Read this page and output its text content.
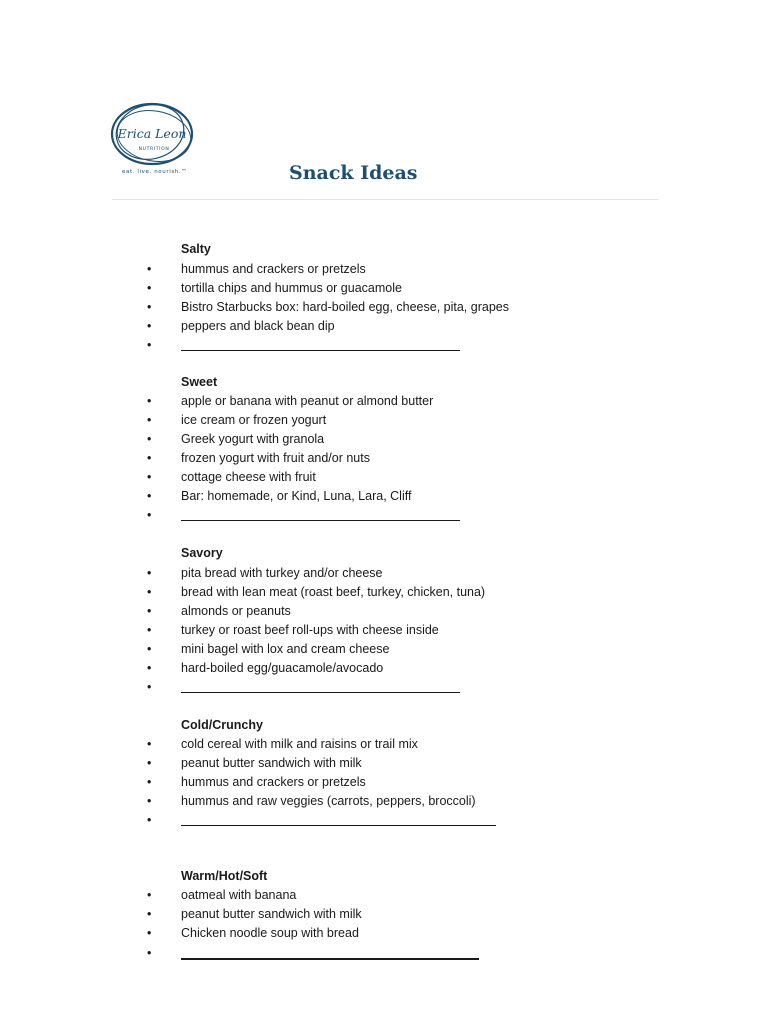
Erica Leon
NUTRITION
eat. live. nourish.™	Snack Ideas
Salty
• hummus and crackers or pretzels
• tortilla chips and hummus or guacamole
• Bistro Starbucks box: hard-boiled egg, cheese, pita, grapes
• peppers and black bean dip
•
Sweet
• apple or banana with peanut or almond butter
• ice cream or frozen yogurt
• Greek yogurt with granola
• frozen yogurt with fruit and/or nuts
• cottage cheese with fruit
• Bar: homemade, or Kind, Luna, Lara, Cliff
•
Savory
• pita bread with turkey and/or cheese
• bread with lean meat (roast beef, turkey, chicken, tuna)
• almonds or peanuts
• turkey or roast beef roll-ups with cheese inside
• mini bagel with lox and cream cheese
• hard-boiled egg/guacamole/avocado
•
Cold/Crunchy
• cold cereal with milk and raisins or trail mix
• peanut butter sandwich with milk
• hummus and crackers or pretzels
• hummus and raw veggies (carrots, peppers, broccoli)
•
Warm/Hot/Soft
• oatmeal with banana
• peanut butter sandwich with milk
• Chicken noodle soup with bread
•
